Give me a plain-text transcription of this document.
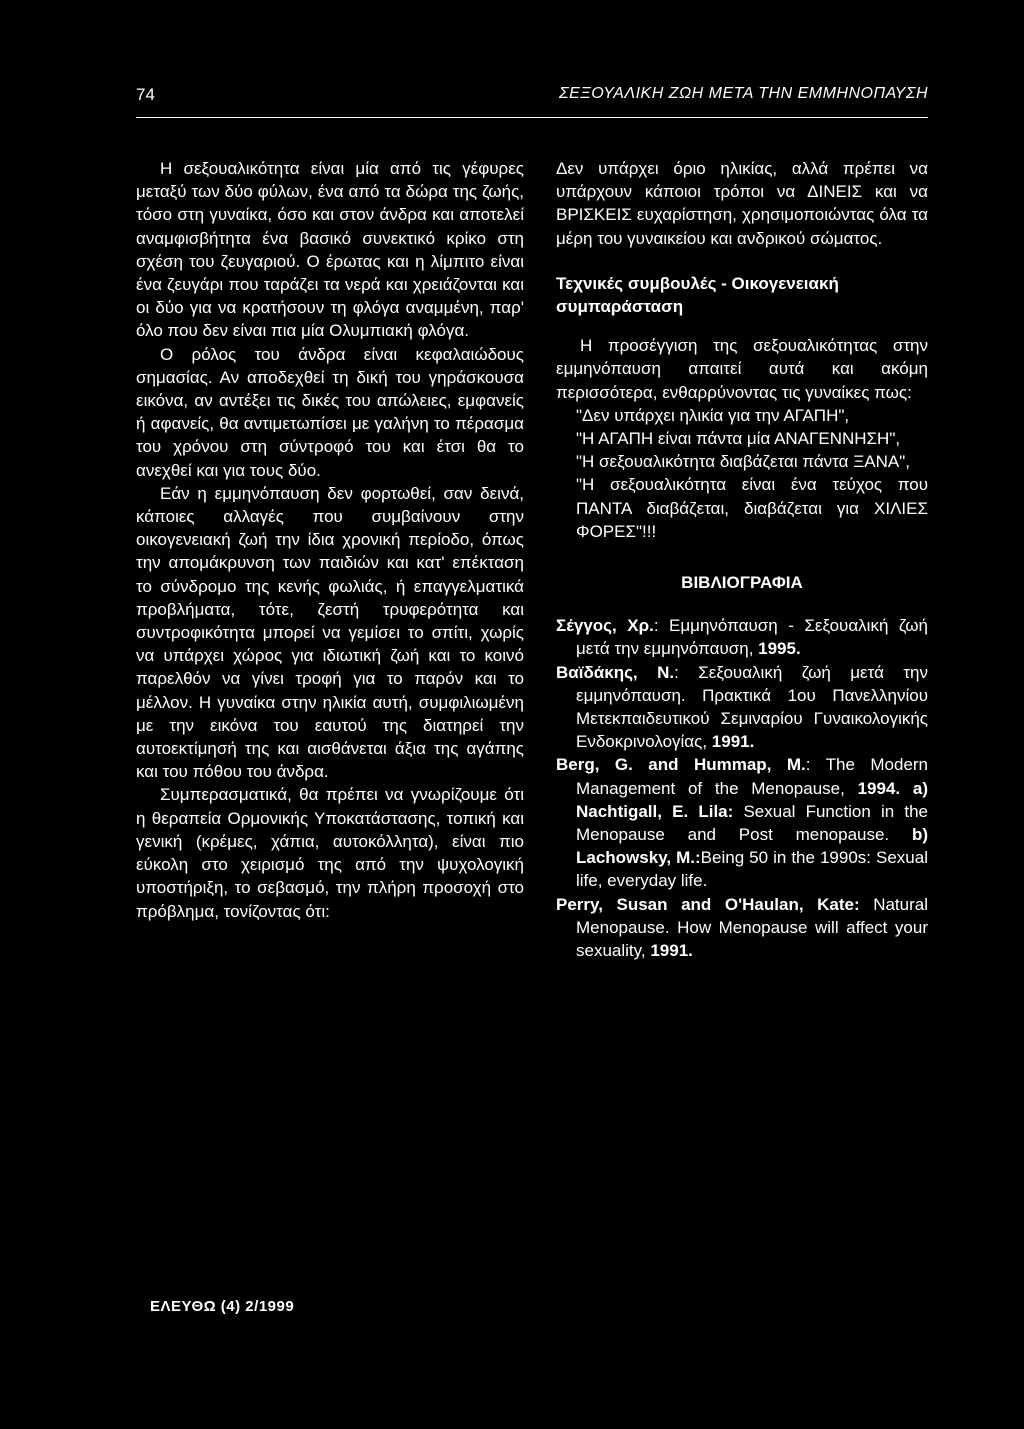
74	ΣΕΞΟΥΑΛΙΚΗ ΖΩΗ ΜΕΤΑ ΤΗΝ ΕΜΜΗΝΟΠΑΥΣΗ

Η σεξουαλικότητα είναι μία από τις γέφυρες μεταξύ των δύο φύλων, ένα από τα δώρα της ζωής, τόσο στη γυναίκα, όσο και στον άνδρα και αποτελεί αναμφισβήτητα ένα βασικό συνεκτικό κρίκο στη σχέση του ζευγαριού. Ο έρωτας και η λίμπιτο είναι ένα ζευγάρι που ταράζει τα νερά και χρειάζονται και οι δύο για να κρατήσουν τη φλόγα αναμμένη, παρ' όλο που δεν είναι πια μία Ολυμπιακή φλόγα.

Ο ρόλος του άνδρα είναι κεφαλαιώδους σημασίας. Αν αποδεχθεί τη δική του γηράσκουσα εικόνα, αν αντέξει τις δικές του απώλειες, εμφανείς ή αφανείς, θα αντιμετωπίσει με γαλήνη το πέρασμα του χρόνου στη σύντροφό του και έτσι θα το ανεχθεί και για τους δύο.

Εάν η εμμηνόπαυση δεν φορτωθεί, σαν δεινά, κάποιες αλλαγές που συμβαίνουν στην οικογενειακή ζωή την ίδια χρονική περίοδο, όπως την απομάκρυνση των παιδιών και κατ' επέκταση το σύνδρομο της κενής φωλιάς, ή επαγγελματικά προβλήματα, τότε, ζεστή τρυφερότητα και συντροφικότητα μπορεί να γεμίσει το σπίτι, χωρίς να υπάρχει χώρος για ιδιωτική ζωή και το κοινό παρελθόν να γίνει τροφή για το παρόν και το μέλλον. Η γυναίκα στην ηλικία αυτή, συμφιλιωμένη με την εικόνα του εαυτού της διατηρεί την αυτοεκτίμησή της και αισθάνεται άξια της αγάπης και του πόθου του άνδρα.

Συμπερασματικά, θα πρέπει να γνωρίζουμε ότι η θεραπεία Ορμονικής Υποκατάστασης, τοπική και γενική (κρέμες, χάπια, αυτοκόλλητα), είναι πιο εύκολη στο χειρισμό της από την ψυχολογική υποστήριξη, το σεβασμό, την πλήρη προσοχή στο πρόβλημα, τονίζοντας ότι:

Δεν υπάρχει όριο ηλικίας, αλλά πρέπει να υπάρχουν κάποιοι τρόποι να ΔΙΝΕΙΣ και να ΒΡΙΣΚΕΙΣ ευχαρίστηση, χρησιμοποιώντας όλα τα μέρη του γυναικείου και ανδρικού σώματος.

Τεχνικές συμβουλές - Οικογενειακή συμπαράσταση

Η προσέγγιση της σεξουαλικότητας στην εμμηνόπαυση απαιτεί αυτά και ακόμη περισσότερα, ενθαρρύνοντας τις γυναίκες πως:

"Δεν υπάρχει ηλικία για την ΑΓΑΠΗ",

"Η ΑΓΑΠΗ είναι πάντα μία ΑΝΑΓΕΝΝΗΣΗ",

"Η σεξουαλικότητα διαβάζεται πάντα ΞΑΝΑ",

"Η σεξουαλικότητα είναι ένα τεύχος που ΠΑΝΤΑ διαβάζεται, διαβάζεται για ΧΙΛΙΕΣ ΦΟΡΕΣ"!!!

ΒΙΒΛΙΟΓΡΑΦΙΑ

Σέγγος, Χρ.: Εμμηνόπαυση - Σεξουαλική ζωή μετά την εμμηνόπαυση, 1995.

Βαϊδάκης, Ν.: Σεξουαλική ζωή μετά την εμμηνόπαυση. Πρακτικά 1ου Πανελληνίου Μετεκπαιδευτικού Σεμιναρίου Γυναικολογικής Ενδοκρινολογίας, 1991.

Berg, G. and Hummap, M.: The Modern Management of the Menopause, 1994. a) Nachtigall, E. Lila: Sexual Function in the Menopause and Post menopause. b) Lachowsky, M.:Being 50 in the 1990s: Sexual life, everyday life.

Perry, Susan and O'Haulan, Kate: Natural Menopause. How Menopause will affect your sexuality, 1991.

ΕΛΕΥΘΩ (4) 2/1999
